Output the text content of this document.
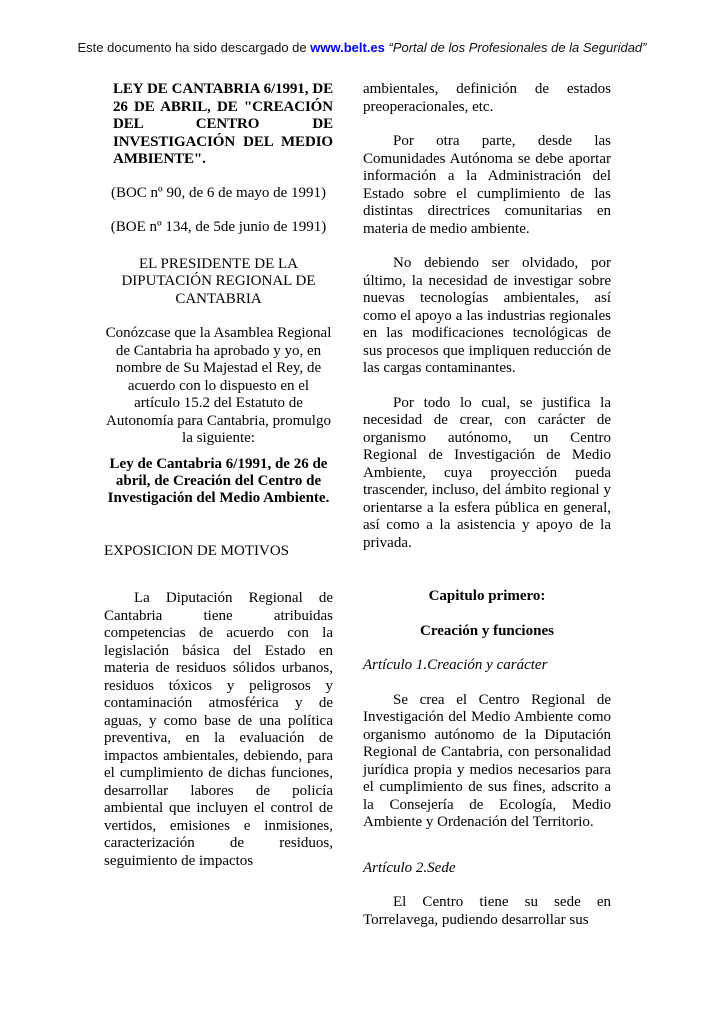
Este documento ha sido descargado de www.belt.es “Portal de los Profesionales de la Seguridad”

LEY DE CANTABRIA 6/1991, DE 26 DE ABRIL, DE "CREACIÓN DEL CENTRO DE INVESTIGACIÓN DEL MEDIO AMBIENTE".

(BOC nº 90, de 6 de mayo de 1991)

(BOE nº 134, de 5de junio de 1991)

EL PRESIDENTE DE LA DIPUTACIÓN REGIONAL DE CANTABRIA

Conózcase que la Asamblea Regional de Cantabria ha aprobado y yo, en nombre de Su Majestad el Rey, de acuerdo con lo dispuesto en el artículo 15.2 del Estatuto de Autonomía para Cantabria, promulgo la siguiente:

Ley de Cantabria 6/1991, de 26 de abril, de Creación del Centro de Investigación del Medio Ambiente.

EXPOSICION DE MOTIVOS

La Diputación Regional de Cantabria tiene atribuidas competencias de acuerdo con la legislación básica del Estado en materia de residuos sólidos urbanos, residuos tóxicos y peligrosos y contaminación atmosférica y de aguas, y como base de una política preventiva, en la evaluación de impactos ambientales, debiendo, para el cumplimiento de dichas funciones, desarrollar labores de policía ambiental que incluyen el control de vertidos, emisiones e inmisiones, caracterización de residuos, seguimiento de impactos

ambientales, definición de estados preoperacionales, etc.

Por otra parte, desde las Comunidades Autónoma se debe aportar información a la Administración del Estado sobre el cumplimiento de las distintas directrices comunitarias en materia de medio ambiente.

No debiendo ser olvidado, por último, la necesidad de investigar sobre nuevas tecnologías ambientales, así como el apoyo a las industrias regionales en las modificaciones tecnológicas de sus procesos que impliquen reducción de las cargas contaminantes.

Por todo lo cual, se justifica la necesidad de crear, con carácter de organismo autónomo, un Centro Regional de Investigación de Medio Ambiente, cuya proyección pueda trascender, incluso, del ámbito regional y orientarse a la esfera pública en general, así como a la asistencia y apoyo de la privada.

Capitulo primero:

Creación y funciones

Artículo 1.Creación y carácter

Se crea el Centro Regional de Investigación del Medio Ambiente como organismo autónomo de la Diputación Regional de Cantabria, con personalidad jurídica propia y medios necesarios para el cumplimiento de sus fines, adscrito a la Consejería de Ecología, Medio Ambiente y Ordenación del Territorio.

Artículo 2.Sede

El Centro tiene su sede en Torrelavega, pudiendo desarrollar sus
